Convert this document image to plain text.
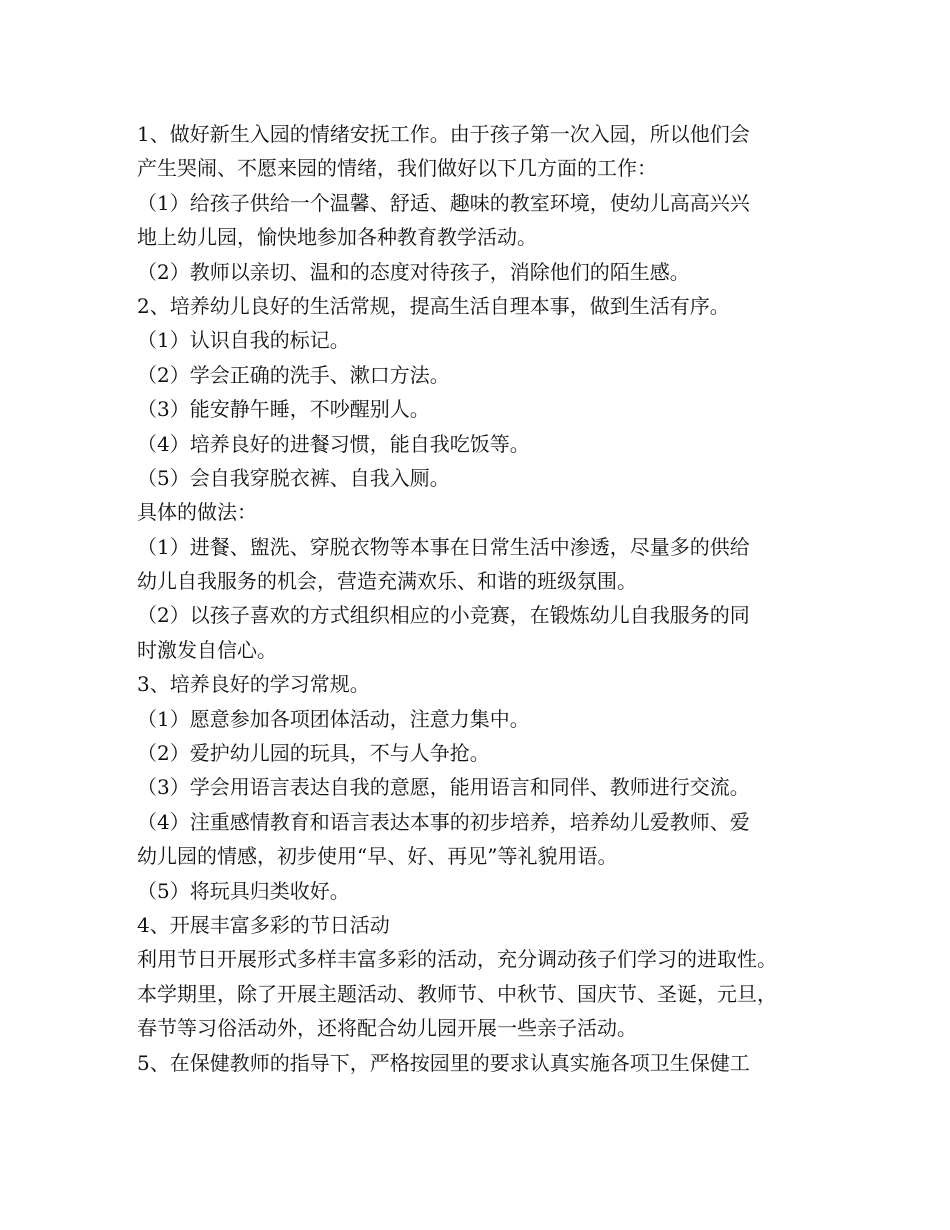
1、做好新生入园的情绪安抚工作。由于孩子第一次入园，所以他们会
产生哭闹、不愿来园的情绪，我们做好以下几方面的工作：
（1）给孩子供给一个温馨、舒适、趣味的教室环境，使幼儿高高兴兴
地上幼儿园，愉快地参加各种教育教学活动。
（2）教师以亲切、温和的态度对待孩子，消除他们的陌生感。
2、培养幼儿良好的生活常规，提高生活自理本事，做到生活有序。
（1）认识自我的标记。
（2）学会正确的洗手、漱口方法。
（3）能安静午睡，不吵醒别人。
（4）培养良好的进餐习惯，能自我吃饭等。
（5）会自我穿脱衣裤、自我入厕。
具体的做法：
（1）进餐、盥洗、穿脱衣物等本事在日常生活中渗透，尽量多的供给
幼儿自我服务的机会，营造充满欢乐、和谐的班级氛围。
（2）以孩子喜欢的方式组织相应的小竞赛，在锻炼幼儿自我服务的同
时激发自信心。
3、培养良好的学习常规。
（1）愿意参加各项团体活动，注意力集中。
（2）爱护幼儿园的玩具，不与人争抢。
（3）学会用语言表达自我的意愿，能用语言和同伴、教师进行交流。
（4）注重感情教育和语言表达本事的初步培养，培养幼儿爱教师、爱
幼儿园的情感，初步使用“早、好、再见”等礼貌用语。
（5）将玩具归类收好。
4、开展丰富多彩的节日活动
利用节日开展形式多样丰富多彩的活动，充分调动孩子们学习的进取性。
本学期里，除了开展主题活动、教师节、中秋节、国庆节、圣诞，元旦，
春节等习俗活动外，还将配合幼儿园开展一些亲子活动。
5、在保健教师的指导下，严格按园里的要求认真实施各项卫生保健工
